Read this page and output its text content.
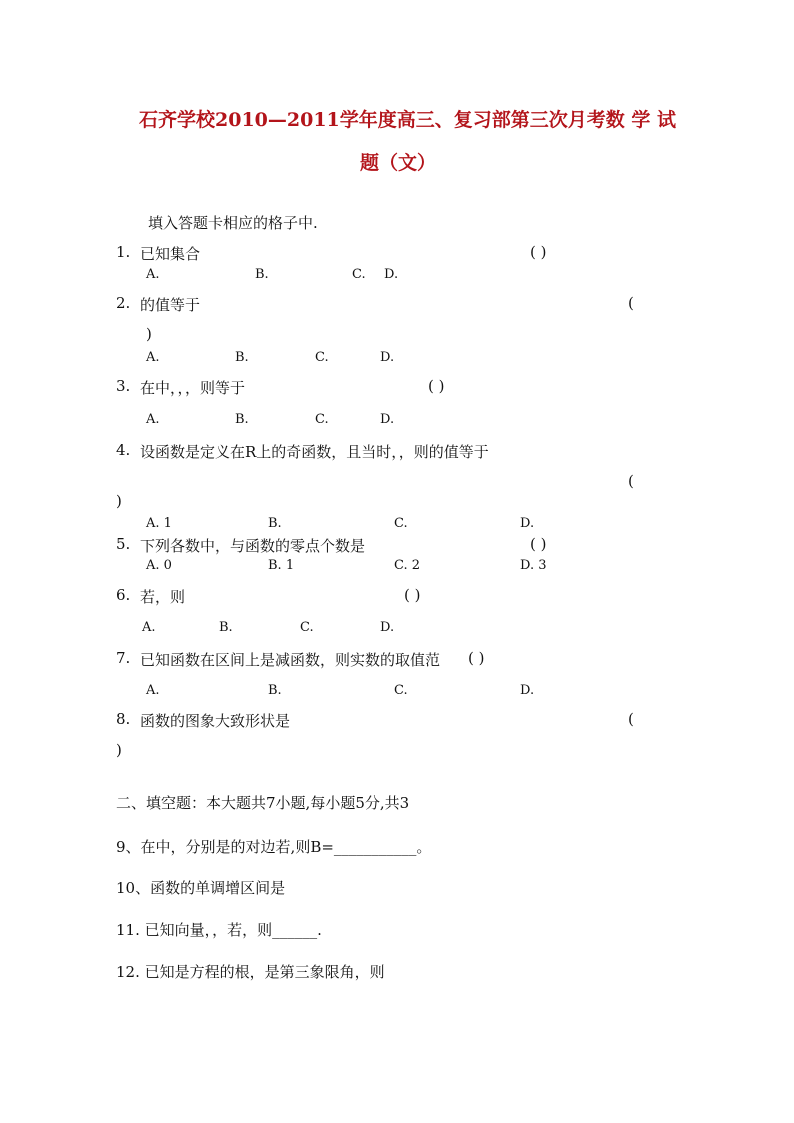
石齐学校2010—2011学年度高三、复习部第三次月考数 学 试
题（文）
填入答题卡相应的格子中.
1. 已知集合	( )
A.	B.	C. D.
2. 的值等于	(
)
A.	B.	C.	D.
3. 在中，，，则等于	( )
A.	B.	C.	D.
4. 设函数是定义在R上的奇函数，且当时，，则的值等于
(
)
A. 1	B.	C.	D.
5. 下列各数中，与函数的零点个数是	( )
A. 0	B. 1	C. 2	D. 3
6. 若，则	( )
A.	B.	C.	D.
7. 已知函数在区间上是减函数，则实数的取值范 ( )
A.	B.	C.	D.
8. 函数的图象大致形状是	(
)
二、填空题：本大题共7小题,每小题5分,共3
9、在中，分别是的对边若,则B=___________。
10、函数的单调增区间是
11. 已知向量，，若，则______.
12. 已知是方程的根，是第三象限角，则
